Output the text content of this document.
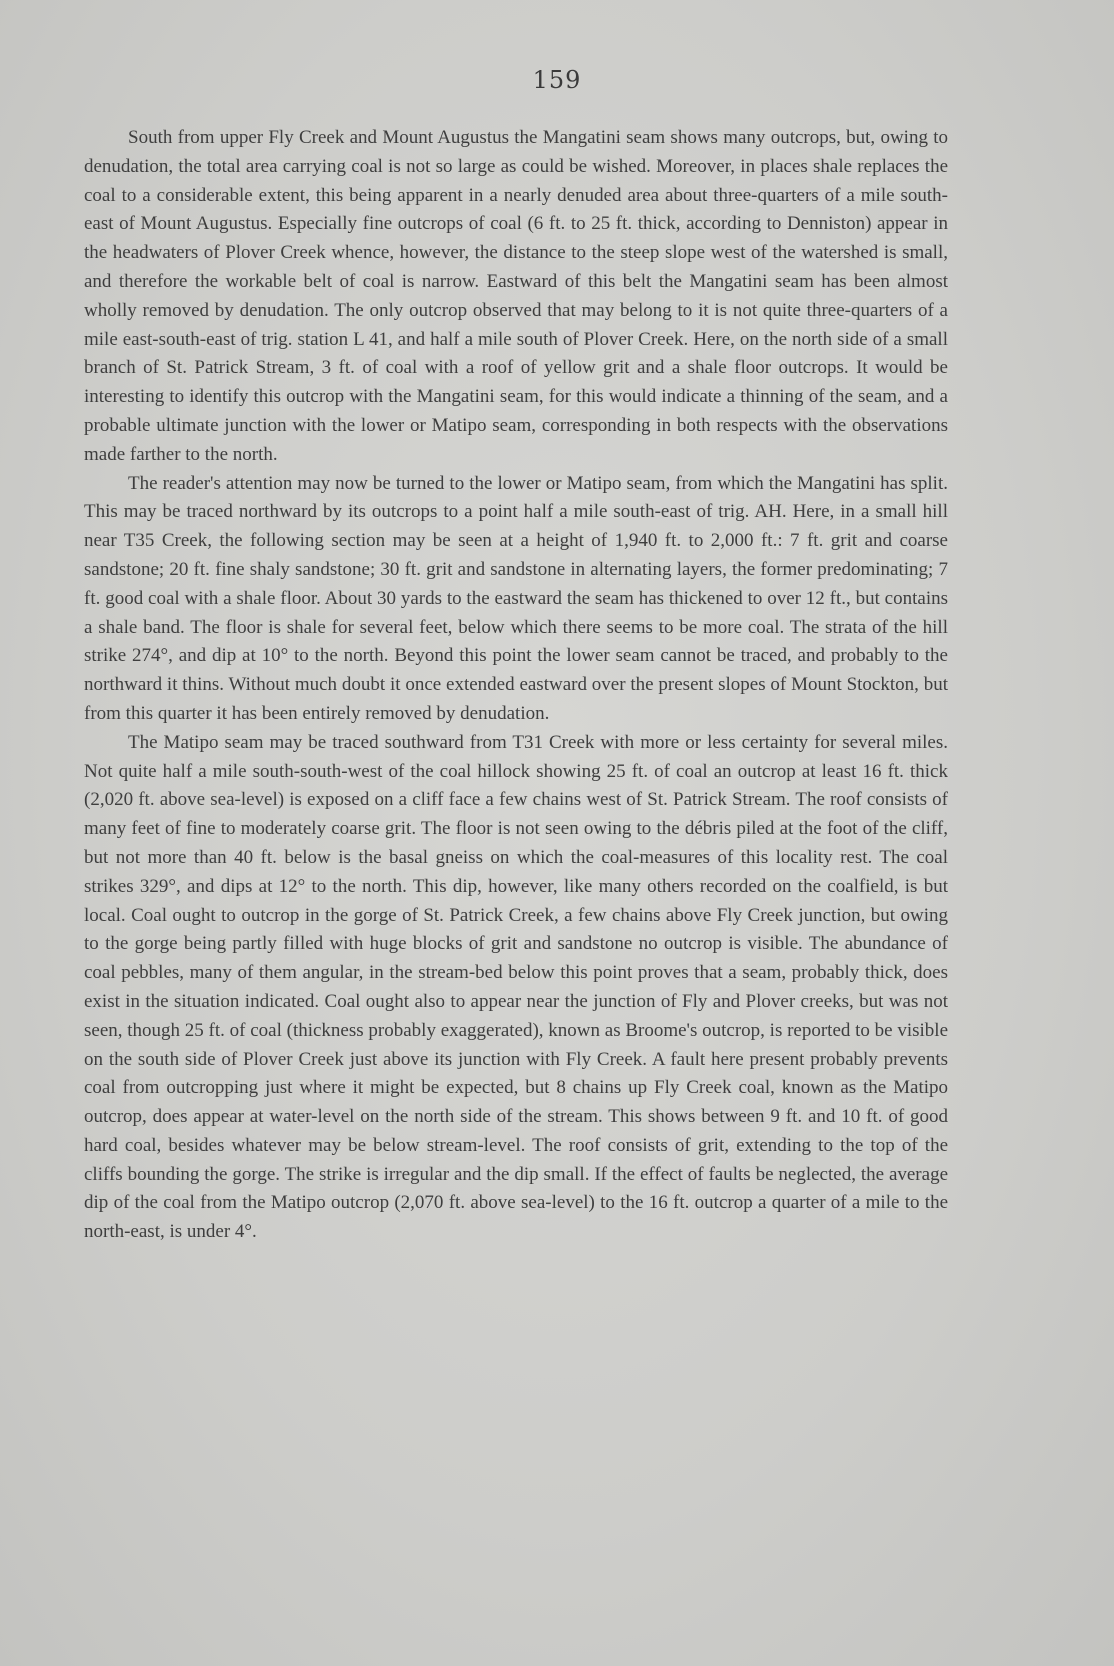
159

South from upper Fly Creek and Mount Augustus the Mangatini seam shows many outcrops, but, owing to denudation, the total area carrying coal is not so large as could be wished. Moreover, in places shale replaces the coal to a considerable extent, this being apparent in a nearly denuded area about three-quarters of a mile south-east of Mount Augustus. Especially fine outcrops of coal (6 ft. to 25 ft. thick, according to Denniston) appear in the headwaters of Plover Creek whence, however, the distance to the steep slope west of the watershed is small, and therefore the workable belt of coal is narrow. Eastward of this belt the Mangatini seam has been almost wholly removed by denudation. The only outcrop observed that may belong to it is not quite three-quarters of a mile east-south-east of trig. station L 41, and half a mile south of Plover Creek. Here, on the north side of a small branch of St. Patrick Stream, 3 ft. of coal with a roof of yellow grit and a shale floor outcrops. It would be interesting to identify this outcrop with the Mangatini seam, for this would indicate a thinning of the seam, and a probable ultimate junction with the lower or Matipo seam, corresponding in both respects with the observations made farther to the north.

The reader's attention may now be turned to the lower or Matipo seam, from which the Mangatini has split. This may be traced northward by its outcrops to a point half a mile south-east of trig. AH. Here, in a small hill near T35 Creek, the following section may be seen at a height of 1,940 ft. to 2,000 ft.: 7 ft. grit and coarse sandstone; 20 ft. fine shaly sandstone; 30 ft. grit and sandstone in alternating layers, the former predominating; 7 ft. good coal with a shale floor. About 30 yards to the eastward the seam has thickened to over 12 ft., but contains a shale band. The floor is shale for several feet, below which there seems to be more coal. The strata of the hill strike 274°, and dip at 10° to the north. Beyond this point the lower seam cannot be traced, and probably to the northward it thins. Without much doubt it once extended eastward over the present slopes of Mount Stockton, but from this quarter it has been entirely removed by denudation.

The Matipo seam may be traced southward from T31 Creek with more or less certainty for several miles. Not quite half a mile south-south-west of the coal hillock showing 25 ft. of coal an outcrop at least 16 ft. thick (2,020 ft. above sea-level) is exposed on a cliff face a few chains west of St. Patrick Stream. The roof consists of many feet of fine to moderately coarse grit. The floor is not seen owing to the débris piled at the foot of the cliff, but not more than 40 ft. below is the basal gneiss on which the coal-measures of this locality rest. The coal strikes 329°, and dips at 12° to the north. This dip, however, like many others recorded on the coalfield, is but local. Coal ought to outcrop in the gorge of St. Patrick Creek, a few chains above Fly Creek junction, but owing to the gorge being partly filled with huge blocks of grit and sandstone no outcrop is visible. The abundance of coal pebbles, many of them angular, in the stream-bed below this point proves that a seam, probably thick, does exist in the situation indicated. Coal ought also to appear near the junction of Fly and Plover creeks, but was not seen, though 25 ft. of coal (thickness probably exaggerated), known as Broome's outcrop, is reported to be visible on the south side of Plover Creek just above its junction with Fly Creek. A fault here present probably prevents coal from outcropping just where it might be expected, but 8 chains up Fly Creek coal, known as the Matipo outcrop, does appear at water-level on the north side of the stream. This shows between 9 ft. and 10 ft. of good hard coal, besides whatever may be below stream-level. The roof consists of grit, extending to the top of the cliffs bounding the gorge. The strike is irregular and the dip small. If the effect of faults be neglected, the average dip of the coal from the Matipo outcrop (2,070 ft. above sea-level) to the 16 ft. outcrop a quarter of a mile to the north-east, is under 4°.
